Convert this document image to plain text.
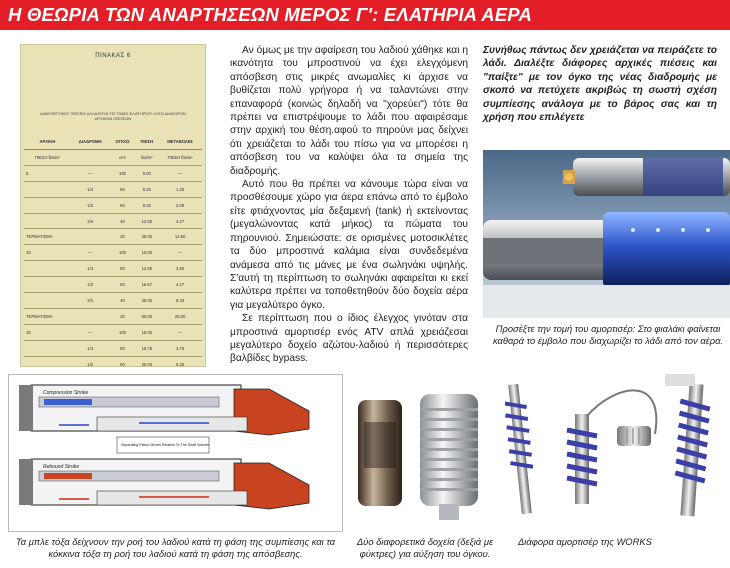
Η ΘΕΩΡΙΑ ΤΩΝ ΑΝΑΡΤΗΣΕΩΝ ΜΕΡΟΣ Γ': ΕΛΑΤΗΡΙΑ ΑΕΡΑ
ΠΙΝΑΚΑΣ 6
ΔΙΑΦΟΡΕΤΙΚΕΣ ΠΙΕΣΕΙΣ ΑΛΛΑΖΟΥΝ ΤΙΣ ΤΙΜΕΣ ΕΛΑΤΗΡΙΟΥ ΛΟΓΩ ΔΙΑΦΟΡΩΝ ΑΡΧΙΚΩΝ ΠΙΕΣΕΩΝ
ΑΡΧΙΚΗ	ΔΙΑΔΡΟΜΗ	ΟΓΚΟΣ	ΠΙΕΣΗ	ΜΕΤΑΒΟΛΕΣ
ΠΙΕΣΗ lbs/in²		cm³	lbs/in²	ΠΙΕΣΗ lbs/in²
5	—	100	5.00	—
	1/4	80	6.25	1.25
	1/2	60	8.33	2.08
	3/4	40	12.50	4.17
ΤΕΡΜΑΤΙΣΜΑ		20	25.00	12.50
10	—	100	10.00	—
	1/4	80	12.50	2.50
	1/2	60	16.67	4.17
	3/4	40	25.00	8.33
ΤΕΡΜΑΤΙΣΜΑ		20	50.00	25.00
15	—	100	15.00	—
	1/4	80	18.75	3.75
	1/2	60	25.00	6.25

Αν όμως με την αφαίρεση του λαδιού χάθηκε και η ικανότητα του μπροστινού να έχει ελεγχόμενη απόσβεση στις μικρές ανωμαλίες κι άρχισε να βυθίζεται πολύ γρήγορα ή να ταλαντώνει στην επαναφορά (κοινώς δηλαδή να "χορεύει") τότε θα πρέπει να επιστρέψουμε το λάδι που αφαιρέσαμε στην αρχική του θέση.αφού το πηρούνι μας δείχνει ότι χρειάζεται το λάδι του πίσω για να μπορέσει η απόσβεση του να καλύψει όλα τα σημεία της διαδρομής.

Αυτό που θα πρέπει να κάνουμε τώρα είναι να προσθέσουμε χώρο για άερα επάνω από το έμβολο είτε φτιάχνοντας μία δεξαμενή (tank) ή εκτείνοντας (μεγαλώνοντας κατά μήκος) τα πώματα του πηρουνιού. Σημειώσατε: σε ορισμένες μοτοσικλέτες τα δύο μπροστινά καλάμια είναι συνδεδεμένα ανάμεσα από τις μάνες με ένα σωληνάκι υψηλής. Σ'αυτή τη περίπτωση το σωληνάκι αφαιρείται κι εκεί καλύτερα πρέπει να τοποθετηθούν δύο δοχεία αέρα για μεγαλύτερο όγκο.

Σε περίπτωση που ο ίδιος έλεγχος γινόταν στα μπροστινά αμορτισέρ ενός ATV απλά χρειάζεσαι μεγαλύτερο δοχείο αζώτου-λαδιού ή περισσότερες βαλβίδες bypass.

Συνήθως πάντως δεν χρειάζεται να πειράζετε το λάδι. Διαλέξτε διάφορες αρχικές πιέσεις και "παίξτε" με τον όγκο της νέας διαδρομής με σκοπό να πετύχετε ακριβώς τη σωστή σχέση συμπίεσης ανάλογα με το βάρος σας και τη χρήση που επιλέγετε

Προσέξτε την τομή του αμορτισέρ: Στο φιαλάκι φαίνεται καθαρά το έμβολο που διαχωρίζει το λάδι από τον αέρα.
Compression Stroke
Separating Piston Moves Relative To The Shaft Volume
Rebound Stroke
Τα μπλε τόξα δείχνουν την ροή του λαδιού κατά τη φάση της συμπίεσης και τα κόκκινα τόξα τη ροή του λαδιού κατά τη φάση της απόσβεσης.
Δύο διαφορετικά δοχεία (δεξιά με φύκτρες) για αύξηση του όγκου.
Διάφορα αμορτισέρ της WORKS
